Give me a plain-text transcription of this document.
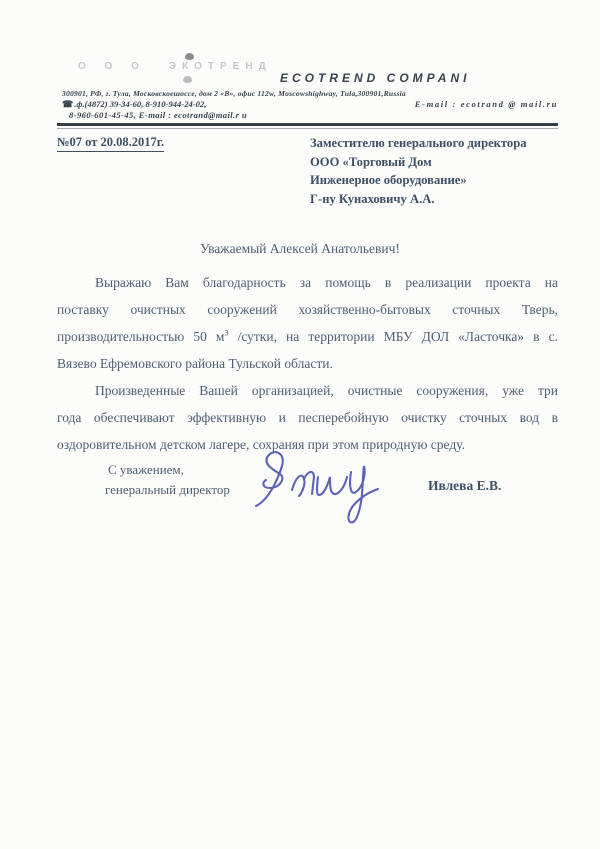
О О О ЭКОТРЕНД
ECOTREND COMPANI
300901, РФ, г. Тула, Московскоешоссе, дом 2 «В», офис 112w, Moscowshighway, Tula,300901,Russia
☎.ф.(4872) 39-34-60, 8-910-944-24-02,	E-mail : ecotrand @ mail.ru
8-960-601-45-45, E-mail : ecotrand@mail.r u
№07 от 20.08.2017г.	Заместителю генерального директора
ООО «Торговый Дом
Инженерное оборудование»
Г-ну Кунаховичу А.А.
Уважаемый Алексей Анатольевич!
Выражаю Вам благодарность за помощь в реализации проекта на
поставку очистных сооружений хозяйственно-бытовых сточных Тверь,
производительностью 50 $м^3$ /сутки, на территории МБУ ДОЛ «Ласточка» в с.
Вязево Ефремовского района Тульской области.
Произведенные Вашей организацией, очистные сооружения, уже три
года обеспечивают эффективную и песперебойную очистку сточных вод в
оздоровительном детском лагере, сохраняя при этом природную среду.
С уважением,
генеральный директор	Ивлева Е.В.
